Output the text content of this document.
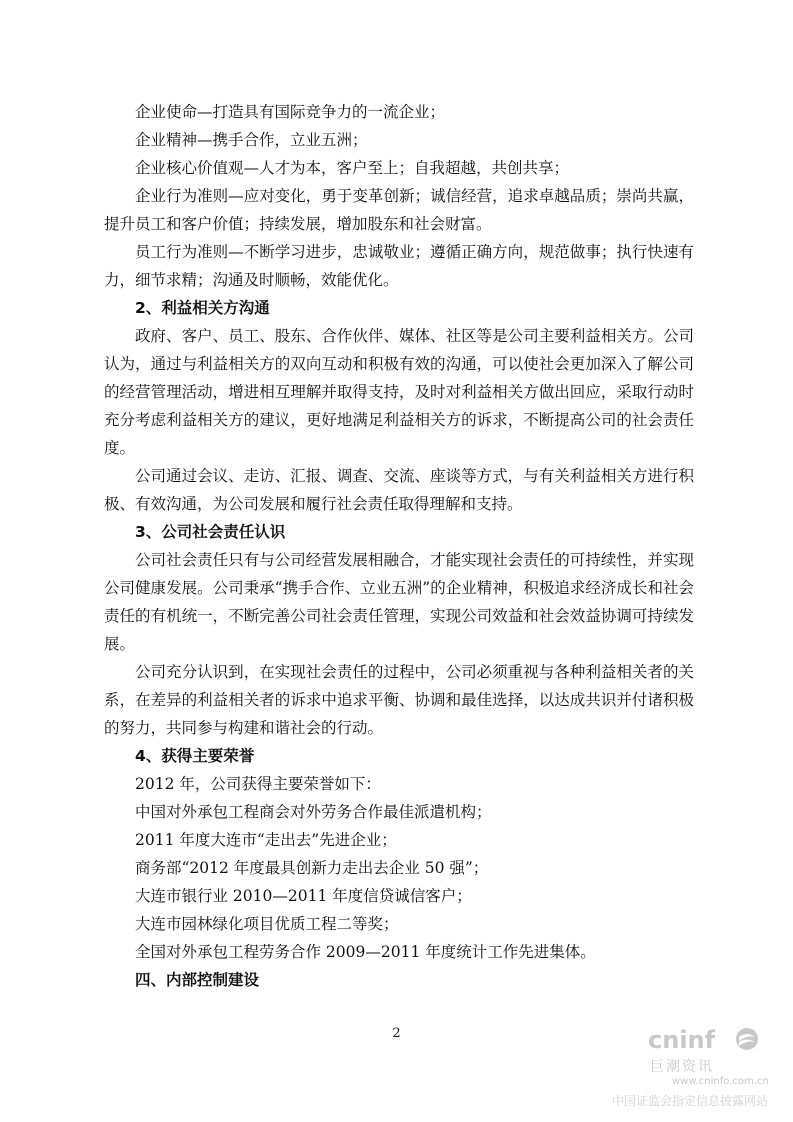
企业使命—打造具有国际竞争力的一流企业；

企业精神—携手合作，立业五洲；

企业核心价值观—人才为本，客户至上；自我超越，共创共享；

企业行为准则—应对变化，勇于变革创新；诚信经营，追求卓越品质；崇尚共赢，提升员工和客户价值；持续发展，增加股东和社会财富。

员工行为准则—不断学习进步，忠诚敬业；遵循正确方向，规范做事；执行快速有力，细节求精；沟通及时顺畅，效能优化。

2、利益相关方沟通

政府、客户、员工、股东、合作伙伴、媒体、社区等是公司主要利益相关方。公司认为，通过与利益相关方的双向互动和积极有效的沟通，可以使社会更加深入了解公司的经营管理活动，增进相互理解并取得支持，及时对利益相关方做出回应，采取行动时充分考虑利益相关方的建议，更好地满足利益相关方的诉求，不断提高公司的社会责任度。

公司通过会议、走访、汇报、调查、交流、座谈等方式，与有关利益相关方进行积极、有效沟通，为公司发展和履行社会责任取得理解和支持。

3、公司社会责任认识

公司社会责任只有与公司经营发展相融合，才能实现社会责任的可持续性，并实现公司健康发展。公司秉承“携手合作、立业五洲”的企业精神，积极追求经济成长和社会责任的有机统一，不断完善公司社会责任管理，实现公司效益和社会效益协调可持续发展。

公司充分认识到，在实现社会责任的过程中，公司必须重视与各种利益相关者的关系，在差异的利益相关者的诉求中追求平衡、协调和最佳选择，以达成共识并付诸积极的努力，共同参与构建和谐社会的行动。

4、获得主要荣誉

2012 年，公司获得主要荣誉如下：

中国对外承包工程商会对外劳务合作最佳派遣机构；

2011 年度大连市“走出去”先进企业；

商务部“2012 年度最具创新力走出去企业 50 强”；

大连市银行业 2010—2011 年度信贷诚信客户；

大连市园林绿化项目优质工程二等奖；

全国对外承包工程劳务合作 2009—2011 年度统计工作先进集体。

四、内部控制建设

2	cninf
巨潮资讯
www.cninfo.com.cn
中国证监会指定信息披露网站
